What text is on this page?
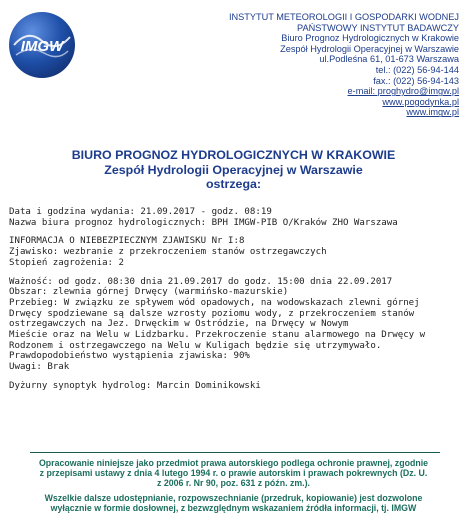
IMGW
INSTYTUT METEOROLOGII I GOSPODARKI WODNEJ
PAŃSTWOWY INSTYTUT BADAWCZY
Biuro Prognoz Hydrologicznych w Krakowie
Zespół Hydrologii Operacyjnej w Warszawie
ul.Podleśna 61, 01-673 Warszawa
tel.: (022) 56-94-144
fax.: (022) 56-94-143
e-mail: proghydro@imgw.pl
www.pogodynka.pl
www.imgw.pl
BIURO PROGNOZ HYDROLOGICZNYCH W KRAKOWIE
Zespół Hydrologii Operacyjnej w Warszawie
ostrzega:
Data i godzina wydania: 21.09.2017 - godz. 08:19
Nazwa biura prognoz hydrologicznych: BPH IMGW-PIB O/Kraków ZHO Warszawa
INFORMACJA O NIEBEZPIECZNYM ZJAWISKU Nr I:8
Zjawisko: wezbranie z przekroczeniem stanów ostrzegawczych
Stopień zagrożenia: 2
Ważność: od godz. 08:30 dnia 21.09.2017 do godz. 15:00 dnia 22.09.2017
Obszar: zlewnia górnej Drwęcy (warmińsko-mazurskie)
Przebieg: W związku ze spływem wód opadowych, na wodowskazach zlewni górnej
Drwęcy spodziewane są dalsze wzrosty poziomu wody, z przekroczeniem stanów
ostrzegawczych na Jez. Drwęckim w Ostródzie, na Drwęcy w Nowym
Mieście oraz na Welu w Lidzbarku. Przekroczenie stanu alarmowego na Drwęcy w
Rodzonem i ostrzegawczego na Welu w Kuligach będzie się utrzymywało.
Prawdopodobieństwo wystąpienia zjawiska: 90%
Uwagi: Brak
Dyżurny synoptyk hydrolog: Marcin Dominikowski
Opracowanie niniejsze jako przedmiot prawa autorskiego podlega ochronie prawnej, zgodnie
z przepisami ustawy z dnia 4 lutego 1994 r. o prawie autorskim i prawach pokrewnych (Dz. U.
z 2006 r. Nr 90, poz. 631 z późn. zm.).
Wszelkie dalsze udostępnianie, rozpowszechnianie (przedruk, kopiowanie) jest dozwolone
wyłącznie w formie dosłownej, z bezwzględnym wskazaniem źródła informacji, tj. IMGW
